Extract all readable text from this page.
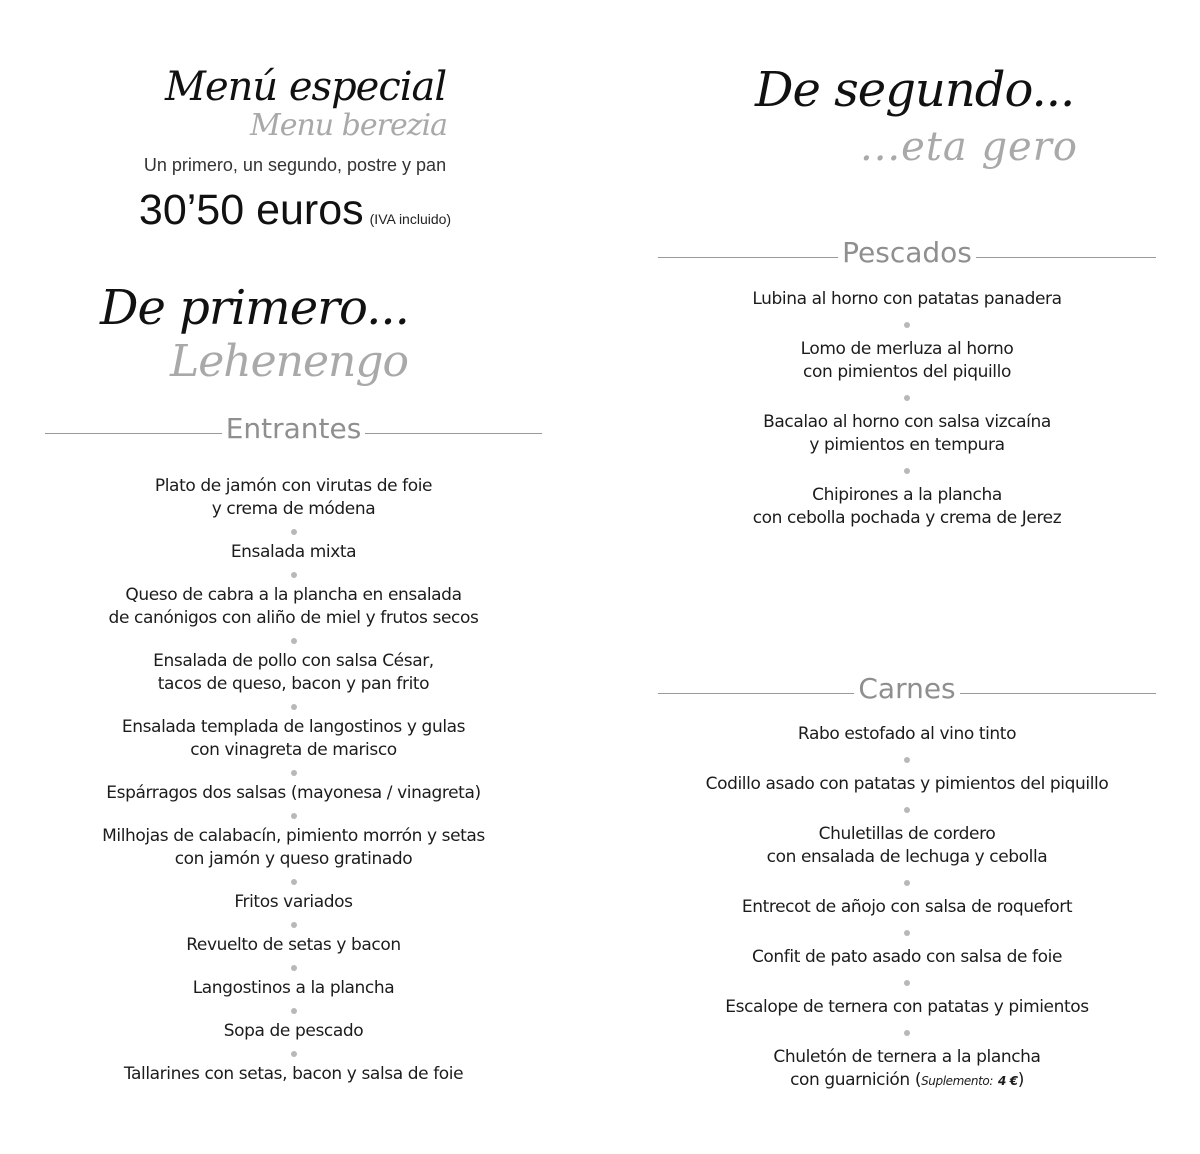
Menú especial
Menu berezia
Un primero, un segundo, postre y pan
30’50 euros (IVA incluido)
De primero...
Lehenengo
Entrantes
Plato de jamón con virutas de foie
y crema de módena
Ensalada mixta
Queso de cabra a la plancha en ensalada
de canónigos con aliño de miel y frutos secos
Ensalada de pollo con salsa César,
tacos de queso, bacon y pan frito
Ensalada templada de langostinos y gulas
con vinagreta de marisco
Espárragos dos salsas (mayonesa / vinagreta)
Milhojas de calabacín, pimiento morrón y setas
con jamón y queso gratinado
Fritos variados
Revuelto de setas y bacon
Langostinos a la plancha
Sopa de pescado
Tallarines con setas, bacon y salsa de foie
De segundo...
...eta gero
Pescados
Lubina al horno con patatas panadera
Lomo de merluza al horno
con pimientos del piquillo
Bacalao al horno con salsa vizcaína
y pimientos en tempura
Chipirones a la plancha
con cebolla pochada y crema de Jerez
Carnes
Rabo estofado al vino tinto
Codillo asado con patatas y pimientos del piquillo
Chuletillas de cordero
con ensalada de lechuga y cebolla
Entrecot de añojo con salsa de roquefort
Confit de pato asado con salsa de foie
Escalope de ternera con patatas y pimientos
Chuletón de ternera a la plancha
con guarnición (Suplemento: 4 €)
